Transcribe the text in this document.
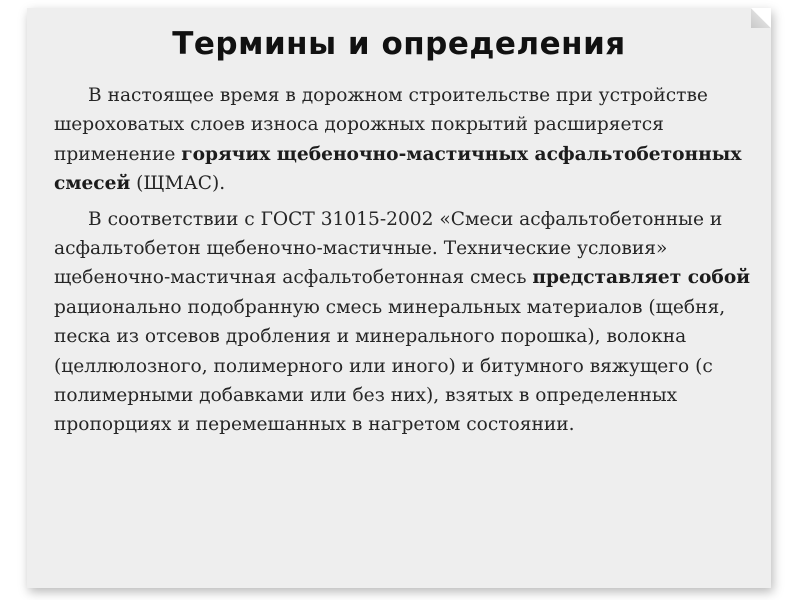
Термины и определения

В настоящее время в дорожном строительстве при устройстве шероховатых слоев износа дорожных покрытий расширяется применение горячих щебеночно-мастичных асфальтобетонных смесей (ЩМАС).

В соответствии с ГОСТ 31015-2002 «Смеси асфальтобетонные и асфальтобетон щебеночно-мастичные. Технические условия» щебеночно-мастичная асфальтобетонная смесь представляет собой рационально подобранную смесь минеральных материалов (щебня, песка из отсевов дробления и минерального порошка), волокна (целлюлозного, полимерного или иного) и битумного вяжущего (с полимерными добавками или без них), взятых в определенных пропорциях и перемешанных в нагретом состоянии.
